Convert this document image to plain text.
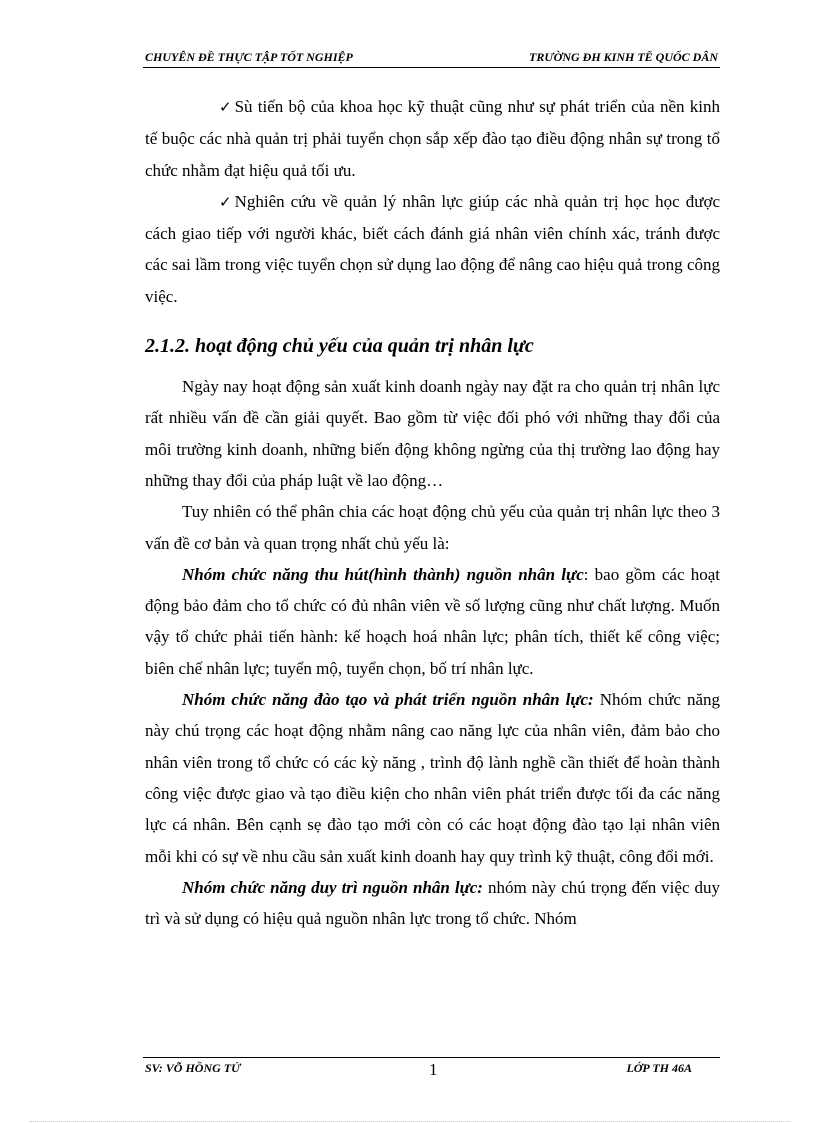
CHUYÊN ĐỀ THỰC TẬP TỐT NGHIỆP	TRƯỜNG ĐH KINH TẾ QUỐC DÂN

✓ Sù tiến bộ của khoa học kỹ thuật cũng như sự phát triển của nền kinh tế buộc các nhà quản trị phải tuyển chọn sắp xếp đào tạo điều động nhân sự trong tổ chức nhằm đạt hiệu quả tối ưu.

✓ Nghiên cứu về quản lý nhân lực giúp các nhà quản trị học học được cách giao tiếp với người khác, biết cách đánh giá nhân viên chính xác, tránh được các sai lầm trong việc tuyển chọn sử dụng lao động để nâng cao hiệu quả trong công việc.

2.1.2. hoạt động chủ yếu của quản trị nhân lực

Ngày nay hoạt động sản xuất kinh doanh ngày nay đặt ra cho quản trị nhân lực rất nhiều vấn đề cần giải quyết. Bao gồm từ việc đối phó với những thay đổi của môi trường kinh doanh, những biến động không ngừng của thị trường lao động hay những thay đổi của pháp luật về lao động…

Tuy nhiên có thể phân chia các hoạt động chủ yếu của quản trị nhân lực theo 3 vấn đề cơ bản và quan trọng nhất chủ yếu là:

Nhóm chức năng thu hút(hình thành) nguồn nhân lực: bao gồm các hoạt động bảo đảm cho tổ chức có đủ nhân viên về số lượng cũng như chất lượng. Muốn vậy tổ chức phải tiến hành: kế hoạch hoá nhân lực; phân tích, thiết kế công việc; biên chế nhân lực; tuyển mộ, tuyển chọn, bố trí nhân lực.

Nhóm chức năng đào tạo và phát triển nguồn nhân lực: Nhóm chức năng này chú trọng các hoạt động nhằm nâng cao năng lực của nhân viên, đảm bảo cho nhân viên trong tổ chức có các kỳ năng , trình độ lành nghề cần thiết để hoàn thành công việc được giao và tạo điều kiện cho nhân viên phát triển được tối đa các năng lực cá nhân. Bên cạnh sẹ đào tạo mới còn có các hoạt động đào tạo lại nhân viên mỗi khi có sự về nhu cầu sản xuất kinh doanh hay quy trình kỹ thuật, công đổi mới.

Nhóm chức năng duy trì nguồn nhân lực: nhóm này chú trọng đến việc duy trì và sử dụng có hiệu quả nguồn nhân lực trong tổ chức. Nhóm

SV: VÕ HỒNG TỨ	1	LỚP TH 46A
